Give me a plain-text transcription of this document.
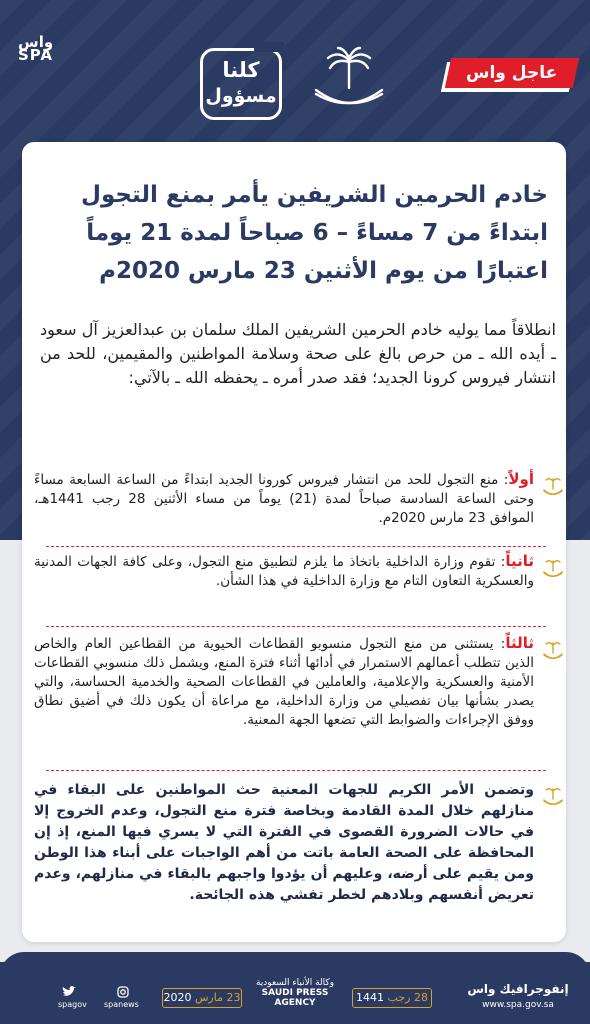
واس
SPA
كلنا
مسؤول
عاجل واس
خادم الحرمين الشريفين يأمر بمنع التجول
ابتداءً من 7 مساءً – 6 صباحاً لمدة 21 يوماً
اعتبارًا من يوم الأثنين 23 مارس 2020م
انطلاقاً مما يوليه خادم الحرمين الشريفين الملك سلمان بن عبدالعزيز آل سعود ـ أيده الله ـ من حرص بالغ على صحة وسلامة المواطنين والمقيمين، للحد من انتشار فيروس كرونا الجديد؛ فقد صدر أمره ـ يحفظه الله ـ بالآتي:
أولاً: منع التجول للحد من انتشار فيروس كورونا الجديد ابتداءً من الساعة السابعة مساءً وحتى الساعة السادسة صباحاً لمدة (21) يوماً من مساء الأثنين 28 رجب 1441هـ، الموافق 23 مارس 2020م.
ثانياً: تقوم وزارة الداخلية باتخاذ ما يلزم لتطبيق منع التجول، وعلى كافة الجهات المدنية والعسكرية التعاون التام مع وزارة الداخلية في هذا الشأن.
ثالثاً: يستثنى من منع التجول منسوبو القطاعات الحيوية من القطاعين العام والخاص الذين تتطلب أعمالهم الاستمرار في أدائها أثناء فترة المنع، ويشمل ذلك منسوبي القطاعات الأمنية والعسكرية والإعلامية، والعاملين في القطاعات الصحية والخدمية الحساسة، والتي يصدر بشأنها بيان تفصيلي من وزارة الداخلية، مع مراعاة أن يكون ذلك في أضيق نطاق ووفق الإجراءات والضوابط التي تضعها الجهة المعنية.
وتضمن الأمر الكريم للجهات المعنية حث المواطنين على البقاء في منازلهم خلال المدة القادمة وبخاصة فترة منع التجول، وعدم الخروج إلا في حالات الضرورة القصوى في الفترة التي لا يسري فيها المنع، إذ إن المحافظة على الصحة العامة باتت من أهم الواجبات على أبناء هذا الوطن ومن يقيم على أرضه، وعليهم أن يؤدوا واجبهم بالبقاء في منازلهم، وعدم تعريض أنفسهم وبلادهم لخطر تفشي هذه الجائحة.
spagov spanews
23 مارس 2020
وكالة الأنباء السعودية
SAUDI PRESS
AGENCY	28 رجب 1441
إنفوجرافيك واس
www.spa.gov.sa
